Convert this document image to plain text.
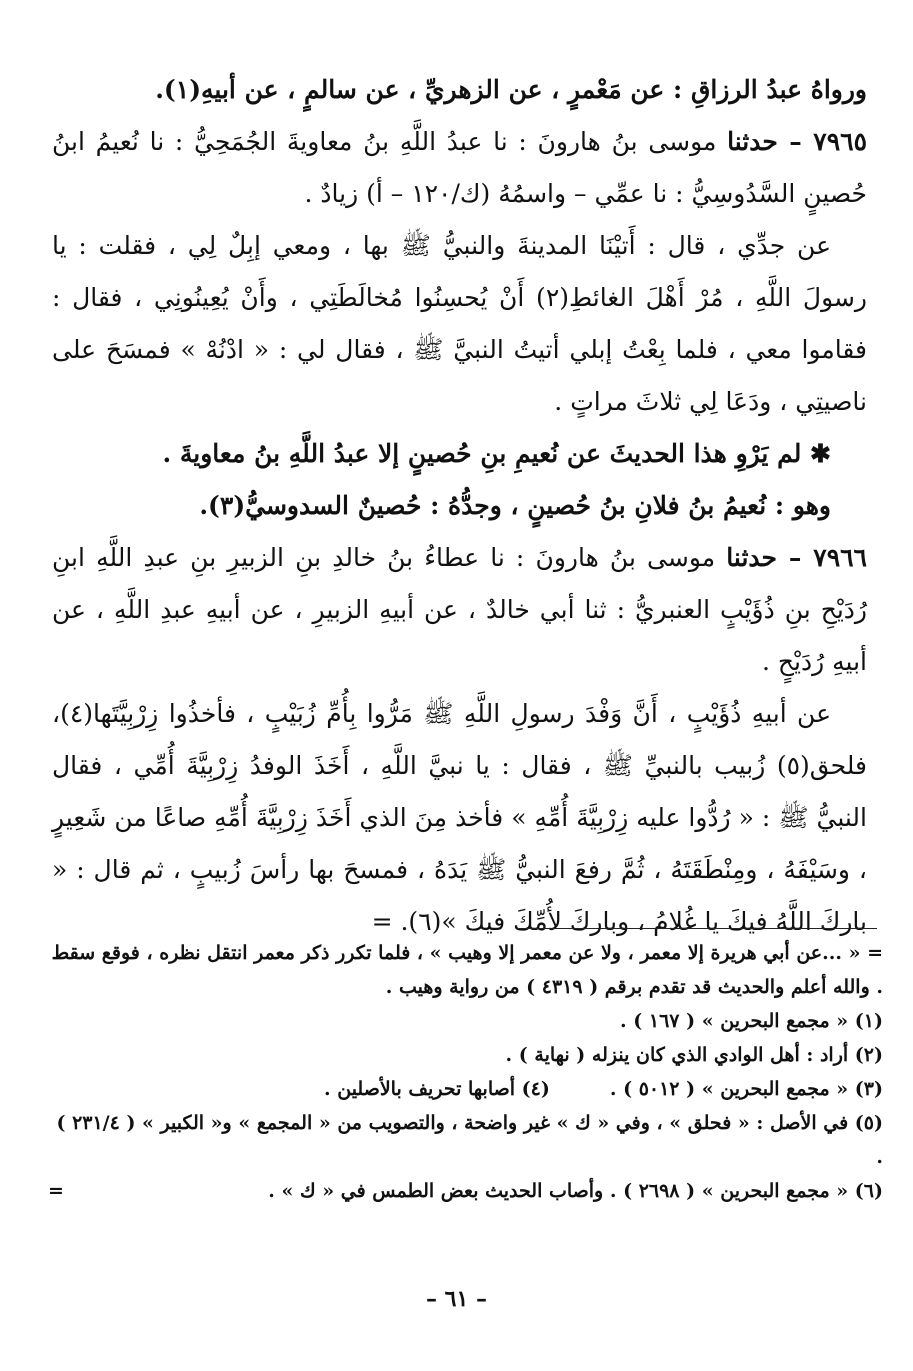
ورواهُ عبدُ الرزاقِ : عن مَعْمرٍ ، عن الزهريِّ ، عن سالمٍ ، عن أبيهِ(١).

٧٩٦٥ – حدثنا موسى بنُ هارونَ : نا عبدُ اللَّهِ بنُ معاويةَ الجُمَحِيُّ : نا نُعيمُ ابنُ حُصينٍ السَّدُوسِيُّ : نا عمِّي – واسمُهُ (ك/١٢٠ – أ) زيادٌ .

عن جدِّي ، قال : أَتيْنَا المدينةَ والنبيُّ ﷺ بها ، ومعي إبِلٌ لِي ، فقلت : يا رسولَ اللَّهِ ، مُرْ أَهْلَ الغائطِ(٢) أَنْ يُحسِنُوا مُخالَطَتِي ، وأَنْ يُعِينُونِي ، فقال : فقاموا معي ، فلما بِعْتُ إبلي أتيتُ النبيَّ ﷺ ، فقال لي : « ادْنُهْ » فمسَحَ على ناصيتِي ، ودَعَا لِي ثلاثَ مراتٍ .

✱ لم يَرْوِ هذا الحديثَ عن نُعيمِ بنِ حُصينٍ إلا عبدُ اللَّهِ بنُ معاويةَ .

وهو : نُعيمُ بنُ فلانِ بنُ حُصينٍ ، وجدُّهُ : حُصينٌ السدوسيُّ(٣).

٧٩٦٦ – حدثنا موسى بنُ هارونَ : نا عطاءُ بنُ خالدِ بنِ الزبيرِ بنِ عبدِ اللَّهِ ابنِ رُدَيْحِ بنِ ذُؤَيْبٍ العنبريُّ : ثنا أبي خالدٌ ، عن أبيهِ الزبيرِ ، عن أبيهِ عبدِ اللَّهِ ، عن أبيهِ رُدَيْحٍ .

عن أبيهِ ذُؤَيْبٍ ، أَنَّ وَفْدَ رسولِ اللَّهِ ﷺ مَرُّوا بِأُمِّ زُبَيْبٍ ، فأخذُوا زِرْبِيَّتَها(٤)، فلحق(٥) زُبيب بالنبيِّ ﷺ ، فقال : يا نبيَّ اللَّهِ ، أَخَذَ الوفدُ زِرْبِيَّةَ أُمِّي ، فقال النبيُّ ﷺ : « رُدُّوا عليه زِرْبِيَّةَ أُمِّهِ » فأخذ مِنَ الذي أَخَذَ زِرْبِيَّةَ أُمِّهِ صاعًا من شَعِيرٍ ، وسَيْفَهُ ، ومِنْطَقَتَهُ ، ثُمَّ رفعَ النبيُّ ﷺ يَدَهُ ، فمسحَ بها رأسَ زُبيبٍ ، ثم قال : « باركَ اللَّهُ فيكَ يا غُلامُ ، وباركَ لأُمِّكَ فيكَ »(٦). =

= « ...عن أبي هريرة إلا معمر ، ولا عن معمر إلا وهيب » ، فلما تكرر ذكر معمر انتقل نظره ، فوقع سقط . والله أعلم والحديث قد تقدم برقم ( ٤٣١٩ ) من رواية وهيب .

(١) « مجمع البحرين » ( ١٦٧ ) .

(٢) أراد : أهل الوادي الذي كان ينزله ( نهاية ) .

(٣) « مجمع البحرين » ( ٥٠١٢ ) .(٤) أصابها تحريف بالأصلين .

(٥) في الأصل : « فحلق » ، وفي « ك » غير واضحة ، والتصويب من « المجمع » و« الكبير » ( ٢٣١/٤ ) .

(٦) « مجمع البحرين » ( ٢٦٩٨ ) . وأصاب الحديث بعض الطمس في « ك » .
=

– ٦١ –
